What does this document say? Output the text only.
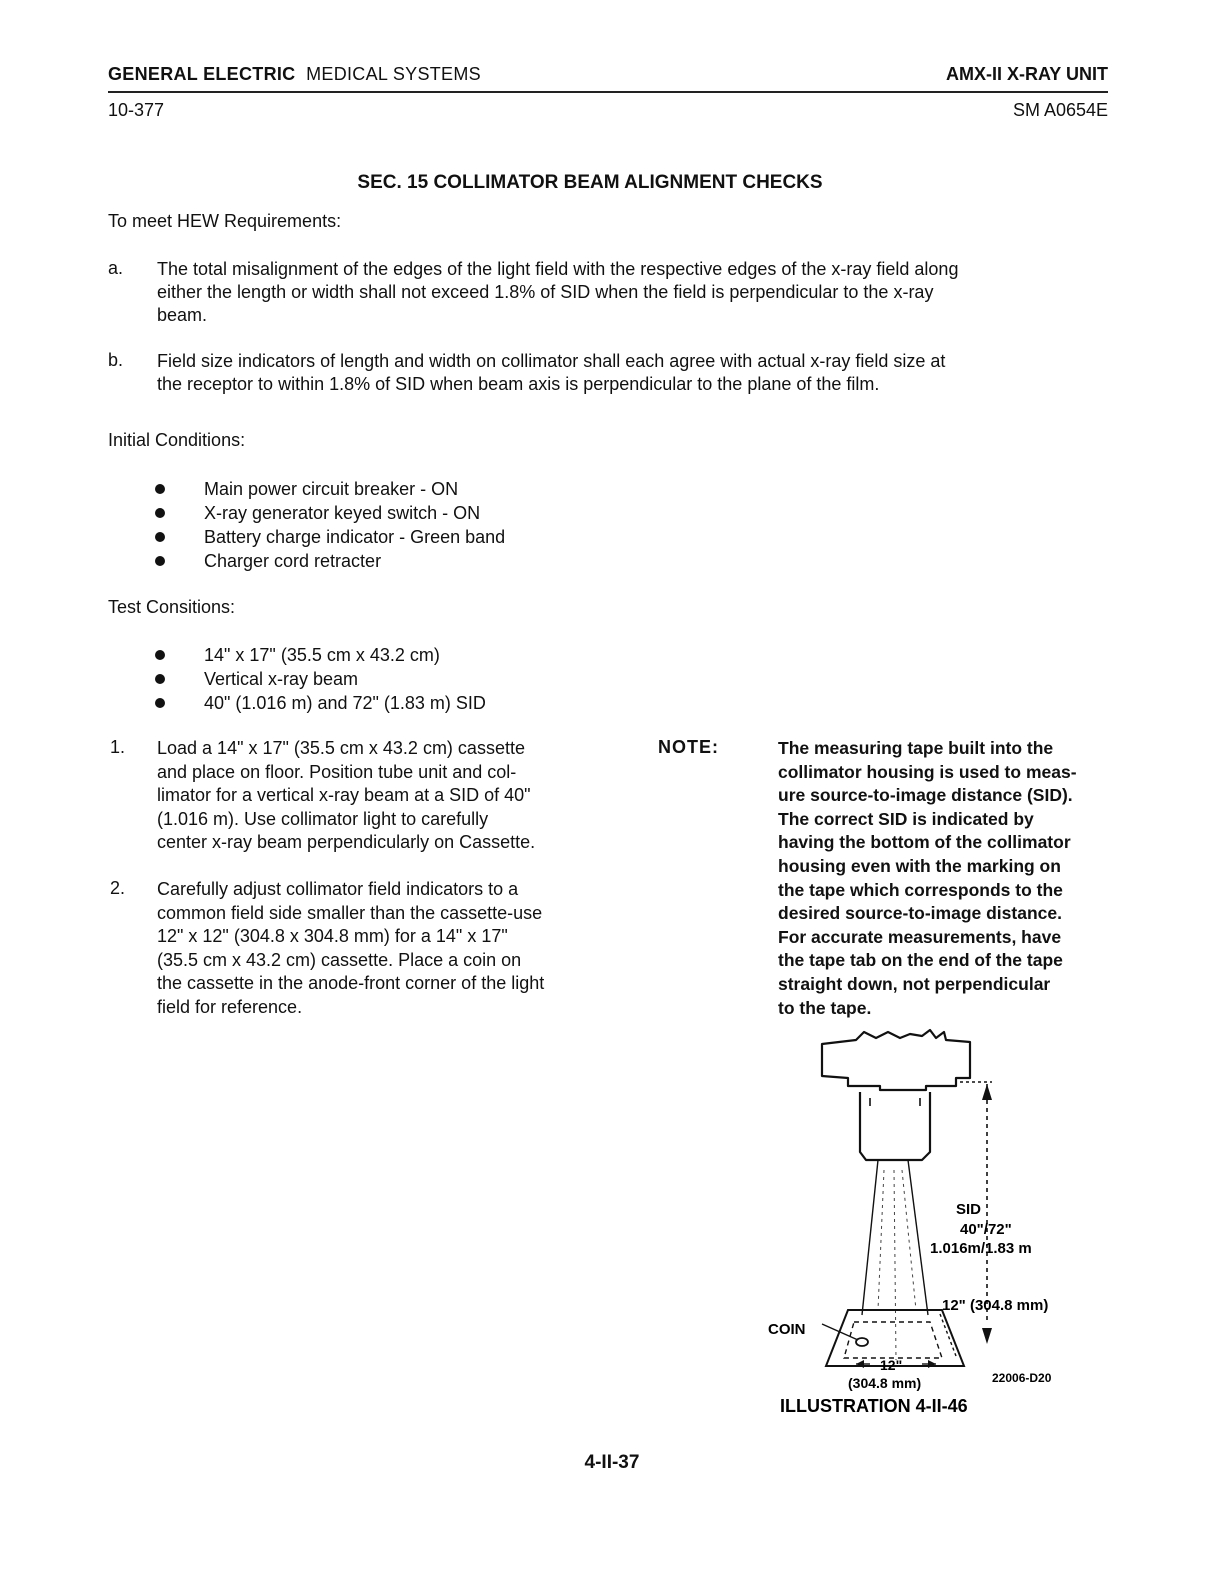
GENERAL ELECTRIC MEDICAL SYSTEMS	AMX-II X-RAY UNIT
10-377	SM A0654E
SEC. 15 COLLIMATOR BEAM ALIGNMENT CHECKS
To meet HEW Requirements:
a. The total misalignment of the edges of the light field with the respective edges of the x-ray field along
either the length or width shall not exceed 1.8% of SID when the field is perpendicular to the x-ray
beam.
b. Field size indicators of length and width on collimator shall each agree with actual x-ray field size at
the receptor to within 1.8% of SID when beam axis is perpendicular to the plane of the film.
Initial Conditions:
Main power circuit breaker - ON
X-ray generator keyed switch - ON
Battery charge indicator - Green band
Charger cord retracter
Test Consitions:
14" x 17" (35.5 cm x 43.2 cm)
Vertical x-ray beam
40" (1.016 m) and 72" (1.83 m) SID
1. Load a 14" x 17" (35.5 cm x 43.2 cm) cassette
and place on floor. Position tube unit and col-
limator for a vertical x-ray beam at a SID of 40"
(1.016 m). Use collimator light to carefully
center x-ray beam perpendicularly on Cassette.
2. Carefully adjust collimator field indicators to a
common field side smaller than the cassette-use
12" x 12" (304.8 x 304.8 mm) for a 14" x 17"
(35.5 cm x 43.2 cm) cassette. Place a coin on
the cassette in the anode-front corner of the light
field for reference.
NOTE:	The measuring tape built into the
collimator housing is used to meas-
ure source-to-image distance (SID).
The correct SID is indicated by
having the bottom of the collimator
housing even with the marking on
the tape which corresponds to the
desired source-to-image distance.
For accurate measurements, have
the tape tab on the end of the tape
straight down, not perpendicular
to the tape.
SID
40"/72"
1.016m/1.83 m
12" (304.8 mm)
COIN
12"
(304.8 mm)	22006-D20
ILLUSTRATION 4-II-46
4-II-37
